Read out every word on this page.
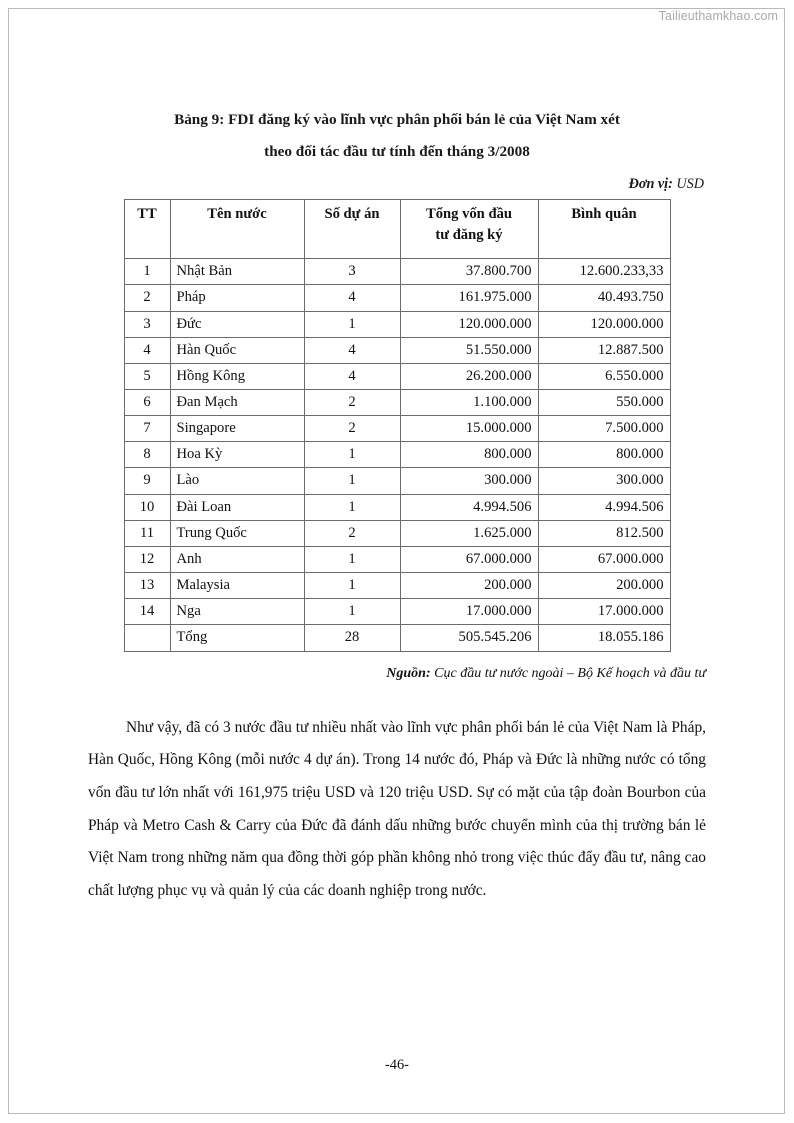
Tailieuthamkhao.com
Bảng 9: FDI đăng ký vào lĩnh vực phân phối bán lẻ của Việt Nam xét
theo đối tác đầu tư tính đến tháng 3/2008
Đơn vị: USD
TT	Tên nước	Số dự án	Tổng vốn đầu
tư đăng ký	Bình quân
1	Nhật Bản	3	37.800.700	12.600.233,33
2	Pháp	4	161.975.000	40.493.750
3	Đức	1	120.000.000	120.000.000
4	Hàn Quốc	4	51.550.000	12.887.500
5	Hồng Kông	4	26.200.000	6.550.000
6	Đan Mạch	2	1.100.000	550.000
7	Singapore	2	15.000.000	7.500.000
8	Hoa Kỳ	1	800.000	800.000
9	Lào	1	300.000	300.000
10	Đài Loan	1	4.994.506	4.994.506
11	Trung Quốc	2	1.625.000	812.500
12	Anh	1	67.000.000	67.000.000
13	Malaysia	1	200.000	200.000
14	Nga	1	17.000.000	17.000.000
	Tổng	28	505.545.206	18.055.186
Nguồn: Cục đầu tư nước ngoài – Bộ Kế hoạch và đầu tư

Như vậy, đã có 3 nước đầu tư nhiều nhất vào lĩnh vực phân phối bán lẻ của Việt Nam là Pháp, Hàn Quốc, Hồng Kông (mỗi nước 4 dự án). Trong 14 nước đó, Pháp và Đức là những nước có tổng vốn đầu tư lớn nhất với 161,975 triệu USD và 120 triệu USD. Sự có mặt của tập đoàn Bourbon của Pháp và Metro Cash & Carry của Đức đã đánh dấu những bước chuyển mình của thị trường bán lẻ Việt Nam trong những năm qua đồng thời góp phần không nhỏ trong việc thúc đẩy đầu tư, nâng cao chất lượng phục vụ và quản lý của các doanh nghiệp trong nước.

-46-
